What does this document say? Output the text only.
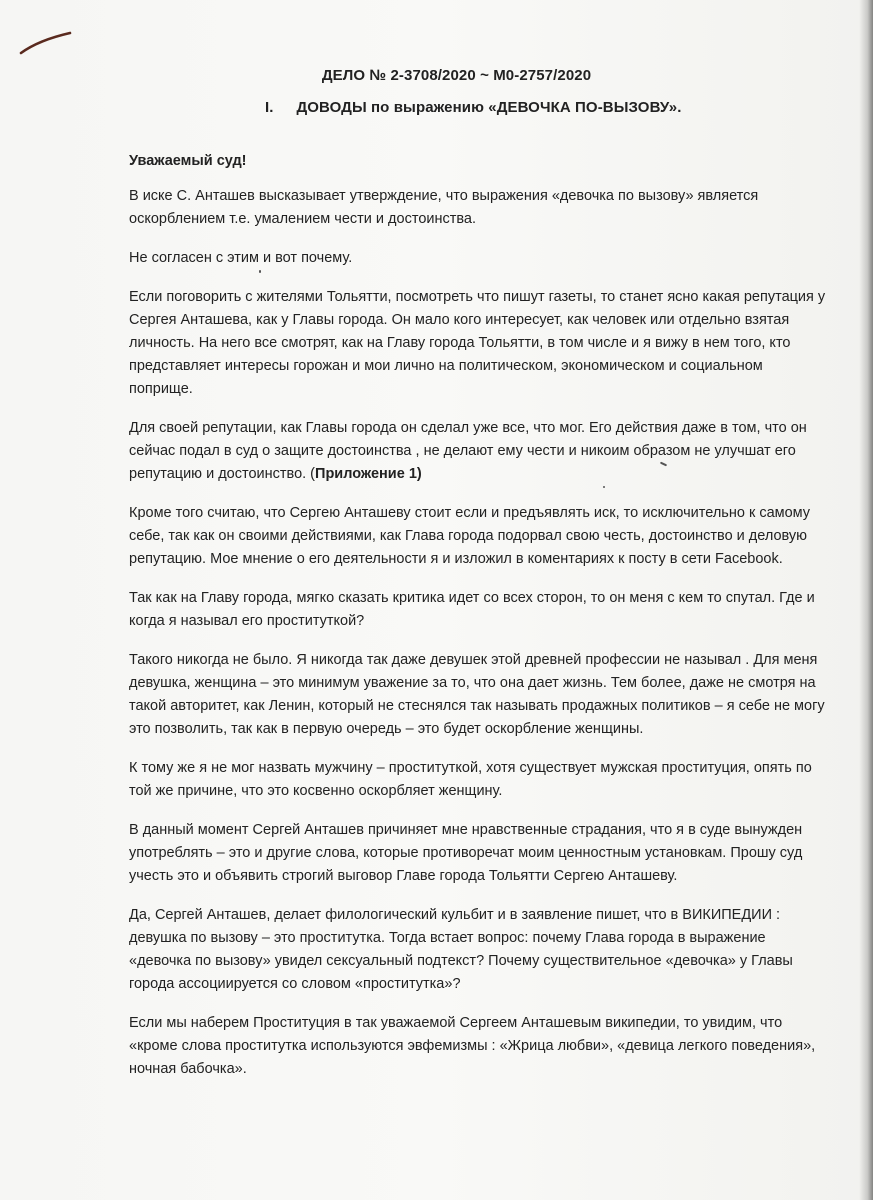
ДЕЛО № 2-3708/2020 ~ М0-2757/2020
I. ДОВОДЫ по выражению «ДЕВОЧКА ПО-ВЫЗОВУ».

Уважаемый суд!

В иске С. Анташев высказывает утверждение, что выражения «девочка по вызову» является оскорблением т.е. умалением чести и достоинства.

Не согласен с этим и вот почему.

Если поговорить с жителями Тольятти, посмотреть что пишут газеты, то станет ясно какая репутация у Сергея Анташева, как у Главы города. Он мало кого интересует, как человек или отдельно взятая личность. На него все смотрят, как на Главу города Тольятти, в том числе и я вижу в нем того, кто представляет интересы горожан и мои лично на политическом, экономическом и социальном поприще.

Для своей репутации, как Главы города он сделал уже все, что мог. Его действия даже в том, что он сейчас подал в суд о защите достоинства , не делают ему чести и никоим образом не улучшат его репутацию и достоинство. (Приложение 1)

Кроме того считаю, что Сергею Анташеву стоит если и предъявлять иск, то исключительно к самому себе, так как он своими действиями, как Глава города подорвал свою честь, достоинство и деловую репутацию. Мое мнение о его деятельности я и изложил в коментариях к посту в сети Facebook.

Так как на Главу города, мягко сказать критика идет со всех сторон, то он меня с кем то спутал. Где и когда я называл его проституткой?

Такого никогда не было. Я никогда так даже девушек этой древней профессии не называл . Для меня девушка, женщина – это минимум уважение за то, что она дает жизнь. Тем более, даже не смотря на такой авторитет, как Ленин, который не стеснялся так называть продажных политиков – я себе не могу это позволить, так как в первую очередь – это будет оскорбление женщины.

К тому же я не мог назвать мужчину – проституткой, хотя существует мужская проституция, опять по той же причине, что это косвенно оскорбляет женщину.

В данный момент Сергей Анташев причиняет мне нравственные страдания, что я в суде вынужден употреблять – это и другие слова, которые противоречат моим ценностным установкам. Прошу суд учесть это и объявить строгий выговор Главе города Тольятти Сергею Анташеву.

Да, Сергей Анташев, делает филологический кульбит и в заявление пишет, что в ВИКИПЕДИИ : девушка по вызову – это проститутка. Тогда встает вопрос: почему Глава города в выражение «девочка по вызову» увидел сексуальный подтекст? Почему существительное «девочка» у Главы города ассоциируется со словом «проститутка»?

Если мы наберем Проституция в так уважаемой Сергеем Анташевым википедии, то увидим, что «кроме слова проститутка используются эвфемизмы : «Жрица любви», «девица легкого поведения», ночная бабочка».
